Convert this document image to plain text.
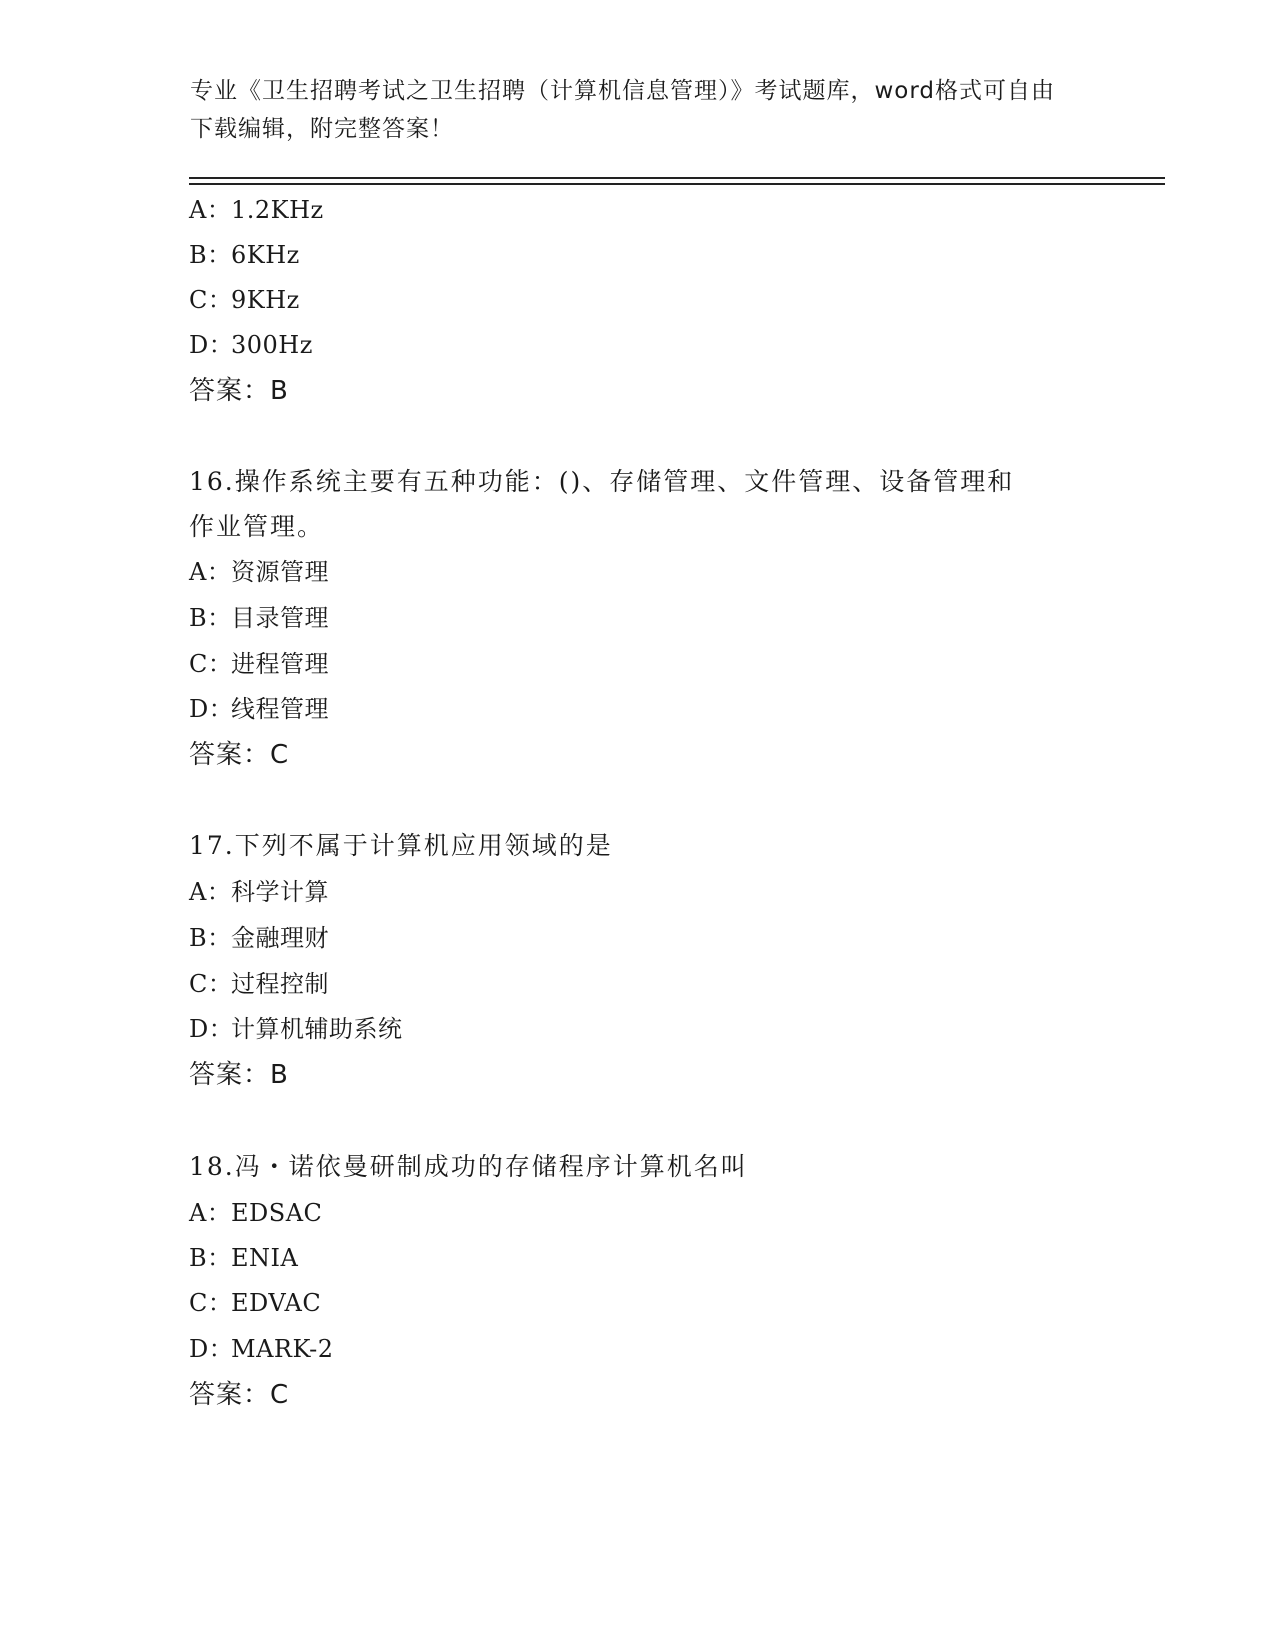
专业《卫生招聘考试之卫生招聘（计算机信息管理）》考试题库，word格式可自由下载编辑，附完整答案！
A：1.2KHz
B：6KHz
C：9KHz
D：300Hz
答案：B
16.操作系统主要有五种功能：()、存储管理、文件管理、设备管理和
作业管理。
A：资源管理
B：目录管理
C：进程管理
D：线程管理
答案：C
17.下列不属于计算机应用领域的是
A：科学计算
B：金融理财
C：过程控制
D：计算机辅助系统
答案：B
18.冯・诺依曼研制成功的存储程序计算机名叫
A：EDSAC
B：ENIA
C：EDVAC
D：MARK-2
答案：C
